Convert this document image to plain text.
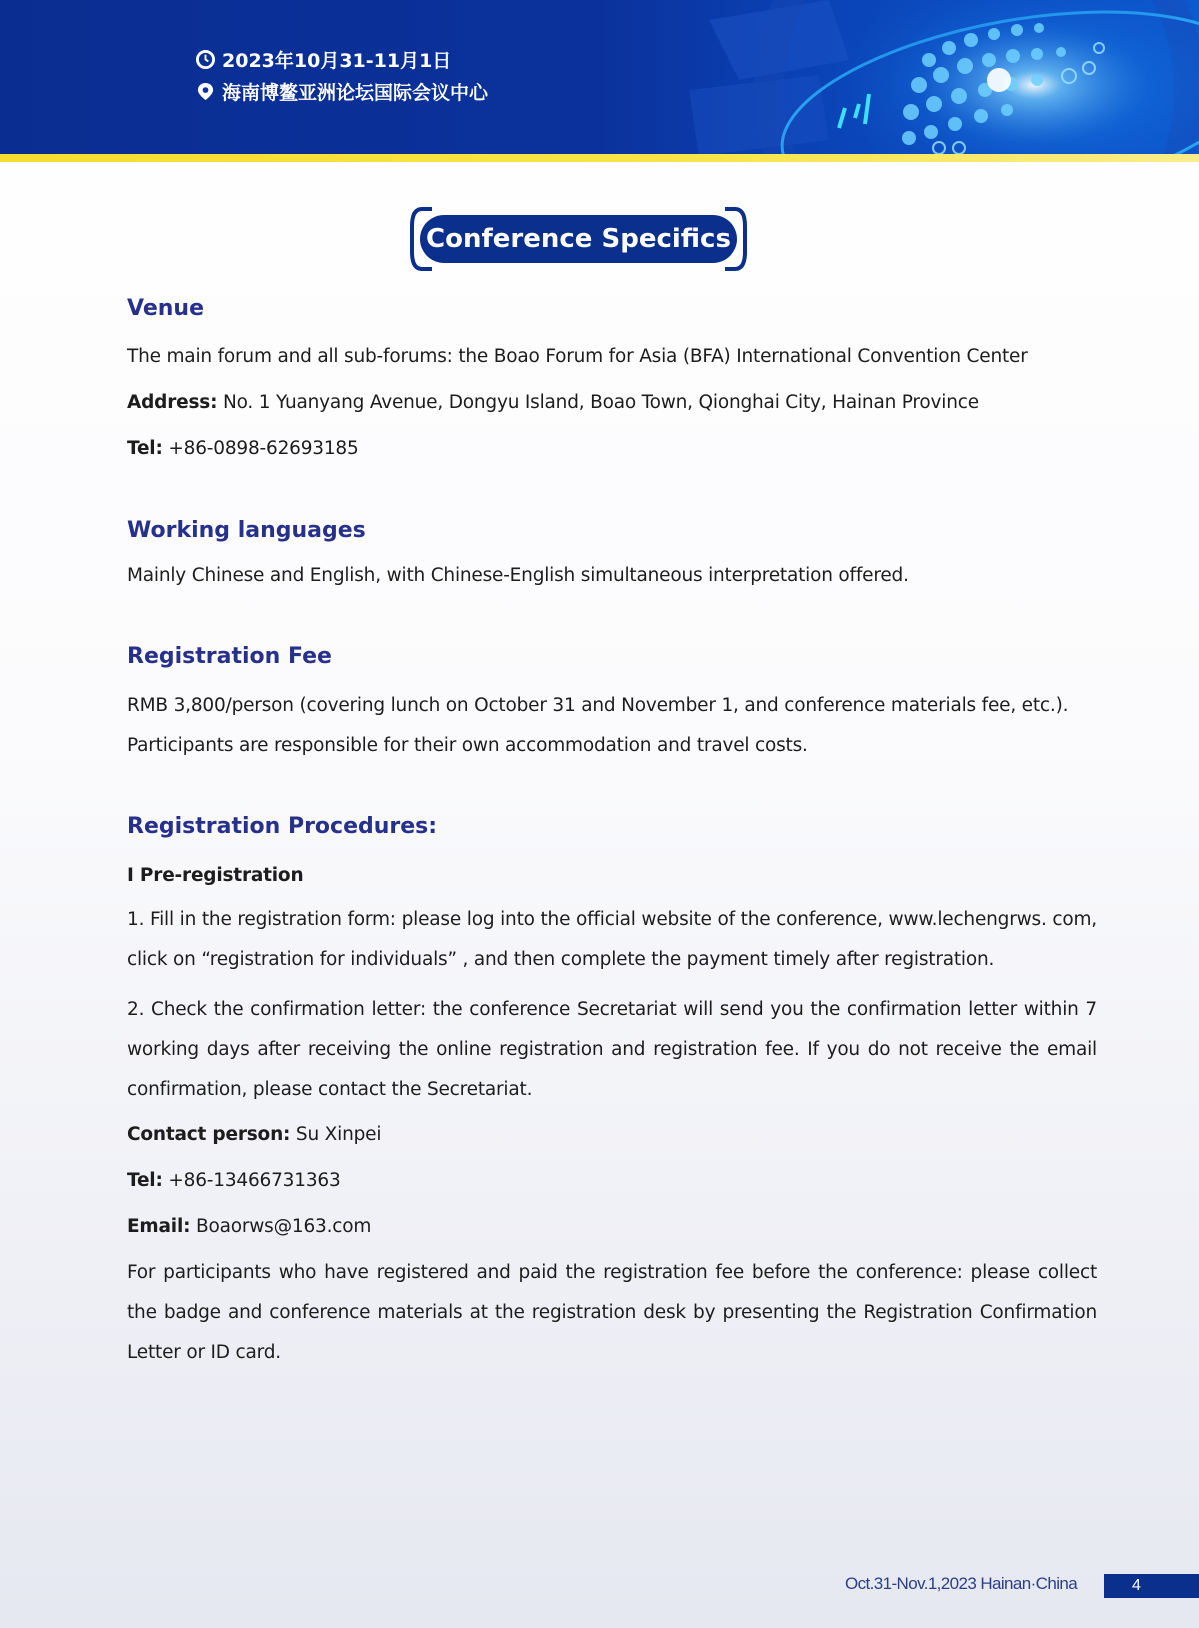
2023年10月31-11月1日
海南博鳌亚洲论坛国际会议中心
Conference Specifics
Venue
The main forum and all sub-forums: the Boao Forum for Asia (BFA) International Convention Center
Address: No. 1 Yuanyang Avenue, Dongyu Island, Boao Town, Qionghai City, Hainan Province
Tel: +86-0898-62693185
Working languages
Mainly Chinese and English, with Chinese-English simultaneous interpretation offered.
Registration Fee
RMB 3,800/person (covering lunch on October 31 and November 1, and conference materials fee, etc.).
Participants are responsible for their own accommodation and travel costs.
Registration Procedures:
I Pre-registration
1. Fill in the registration form: please log into the official website of the conference, www.lechengrws. com, click on “registration for individuals” , and then complete the payment timely after registration.
2. Check the confirmation letter: the conference Secretariat will send you the confirmation letter within 7 working days after receiving the online registration and registration fee. If you do not receive the email confirmation, please contact the Secretariat.
Contact person: Su Xinpei
Tel: +86-13466731363
Email: Boaorws@163.com
For participants who have registered and paid the registration fee before the conference: please collect the badge and conference materials at the registration desk by presenting the Registration Confirmation Letter or ID card.
Oct.31-Nov.1,2023 Hainan·China	4
